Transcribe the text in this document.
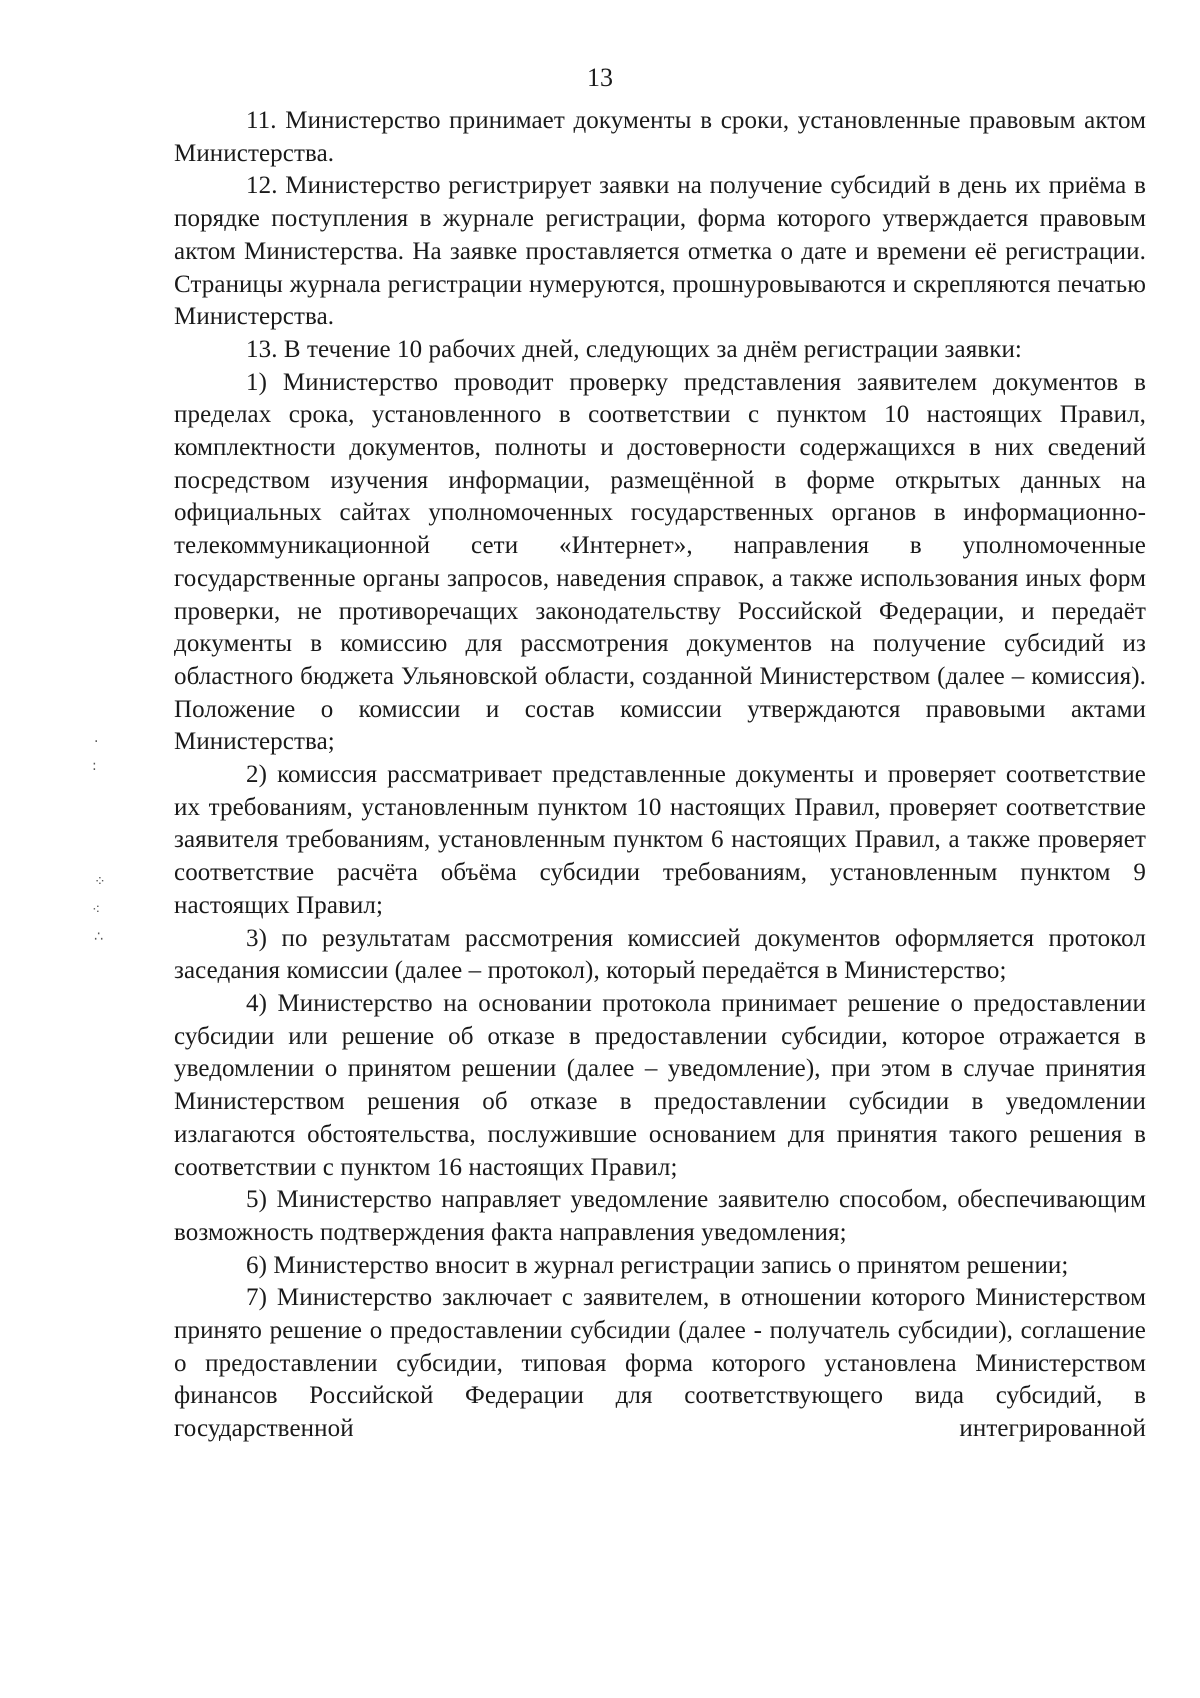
13

11. Министерство принимает документы в сроки, установленные правовым актом Министерства.

12. Министерство регистрирует заявки на получение субсидий в день их приёма в порядке поступления в журнале регистрации, форма которого утверждается правовым актом Министерства. На заявке проставляется отметка о дате и времени её регистрации. Страницы журнала регистрации нумеруются, прошнуровываются и скрепляются печатью Министерства.

13. В течение 10 рабочих дней, следующих за днём регистрации заявки:

1) Министерство проводит проверку представления заявителем документов в пределах срока, установленного в соответствии с пунктом 10 настоящих Правил, комплектности документов, полноты и достоверности содержащихся в них сведений посредством изучения информации, размещённой в форме открытых данных на официальных сайтах уполномоченных государственных органов в информационно-телекоммуникационной сети «Интернет», направления в уполномоченные государственные органы запросов, наведения справок, а также использования иных форм проверки, не противоречащих законодательству Российской Федерации, и передаёт документы в комиссию для рассмотрения документов на получение субсидий из областного бюджета Ульяновской области, созданной Министерством (далее – комиссия). Положение о комиссии и состав комиссии утверждаются правовыми актами Министерства;

2) комиссия рассматривает представленные документы и проверяет соответствие их требованиям, установленным пунктом 10 настоящих Правил, проверяет соответствие заявителя требованиям, установленным пунктом 6 настоящих Правил, а также проверяет соответствие расчёта объёма субсидии требованиям, установленным пунктом 9 настоящих Правил;

3) по результатам рассмотрения комиссией документов оформляется протокол заседания комиссии (далее – протокол), который передаётся в Министерство;

4) Министерство на основании протокола принимает решение о предоставлении субсидии или решение об отказе в предоставлении субсидии, которое отражается в уведомлении о принятом решении (далее – уведомление), при этом в случае принятия Министерством решения об отказе в предоставлении субсидии в уведомлении излагаются обстоятельства, послужившие основанием для принятия такого решения в соответствии с пунктом 16 настоящих Правил;

5) Министерство направляет уведомление заявителю способом, обеспечивающим возможность подтверждения факта направления уведомления;

6) Министерство вносит в журнал регистрации запись о принятом решении;

7) Министерство заключает с заявителем, в отношении которого Министерством принято решение о предоставлении субсидии (далее - получатель субсидии), соглашение о предоставлении субсидии, типовая форма которого установлена Министерством финансов Российской Федерации для соответствующего вида субсидий, в государственной интегрированной

·
:
⁘
⁖
∴
